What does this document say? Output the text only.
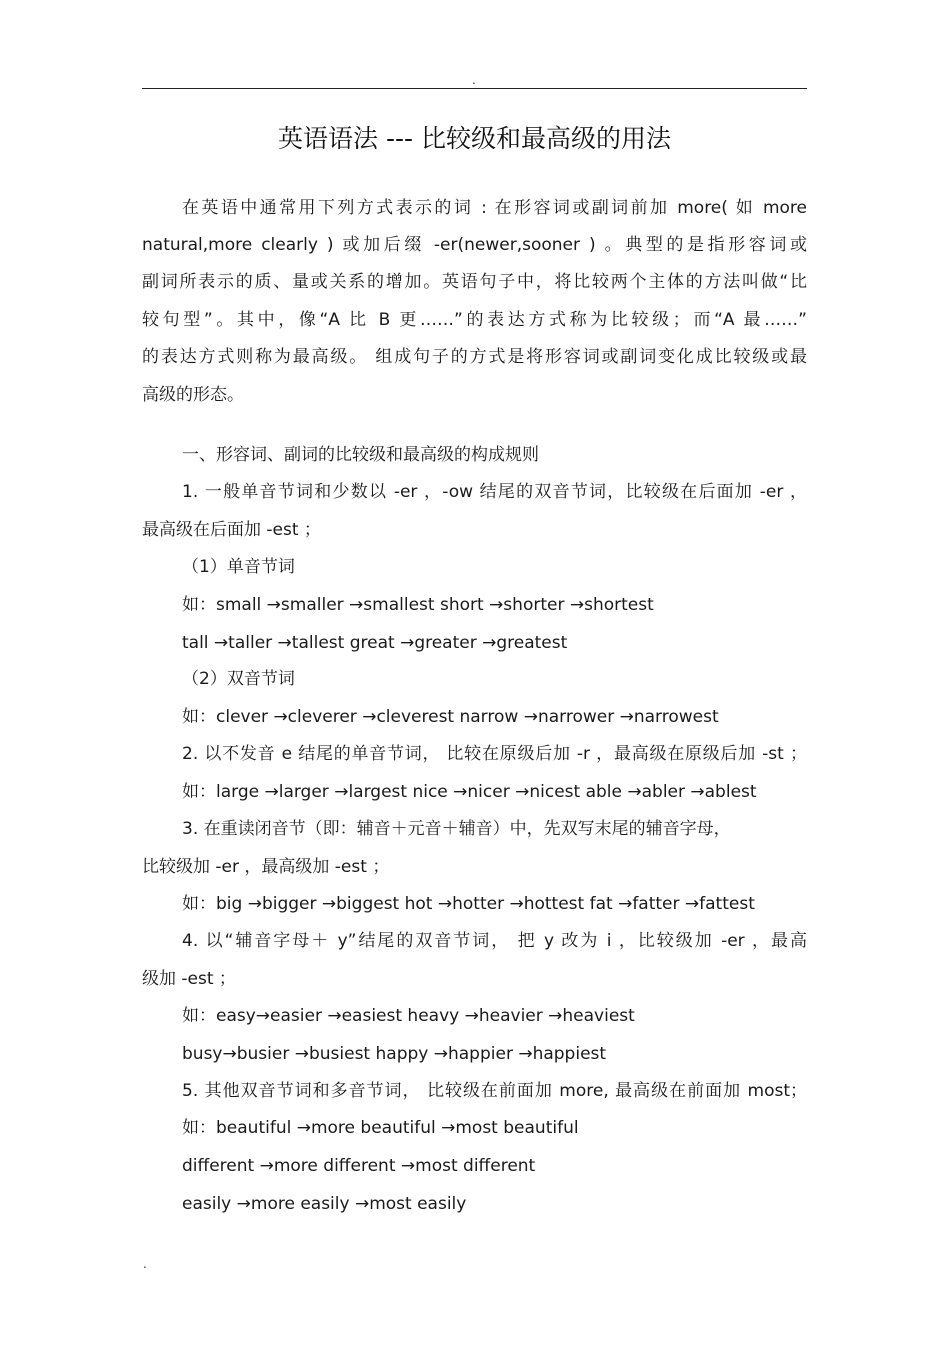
.
英语语法 --- 比较级和最高级的用法
在英语中通常用下列方式表示的词 : 在形容词或副词前加 more( 如 more
natural,more clearly ) 或加后缀 -er(newer,sooner ) 。典型的是指形容词或
副词所表示的质、量或关系的增加。英语句子中，将比较两个主体的方法叫做“比
较句型”。其中，像“A 比 B 更……”的表达方式称为比较级；而“A 最……”
的表达方式则称为最高级。 组成句子的方式是将形容词或副词变化成比较级或最
高级的形态。
一、形容词、副词的比较级和最高级的构成规则
1. 一般单音节词和少数以 -er ，-ow 结尾的双音节词，比较级在后面加 -er ，
最高级在后面加 -est ；
（1）单音节词
如：small →smaller →smallest short →shorter →shortest
tall →taller →tallest great →greater →greatest
（2）双音节词
如：clever →cleverer →cleverest narrow →narrower →narrowest
2. 以不发音 e 结尾的单音节词， 比较在原级后加 -r ，最高级在原级后加 -st ；
如：large →larger →largest nice →nicer →nicest able →abler →ablest
3. 在重读闭音节（即：辅音＋元音＋辅音）中，先双写末尾的辅音字母，
比较级加 -er ，最高级加 -est ；
如：big →bigger →biggest hot →hotter →hottest fat →fatter →fattest
4. 以“辅音字母＋ y”结尾的双音节词， 把 y 改为 i ，比较级加 -er ，最高
级加 -est ；
如：easy→easier →easiest heavy →heavier →heaviest
busy→busier →busiest happy →happier →happiest
5. 其他双音节词和多音节词， 比较级在前面加 more, 最高级在前面加 most；
如：beautiful →more beautiful →most beautiful
different →more different →most different
easily →more easily →most easily
.
